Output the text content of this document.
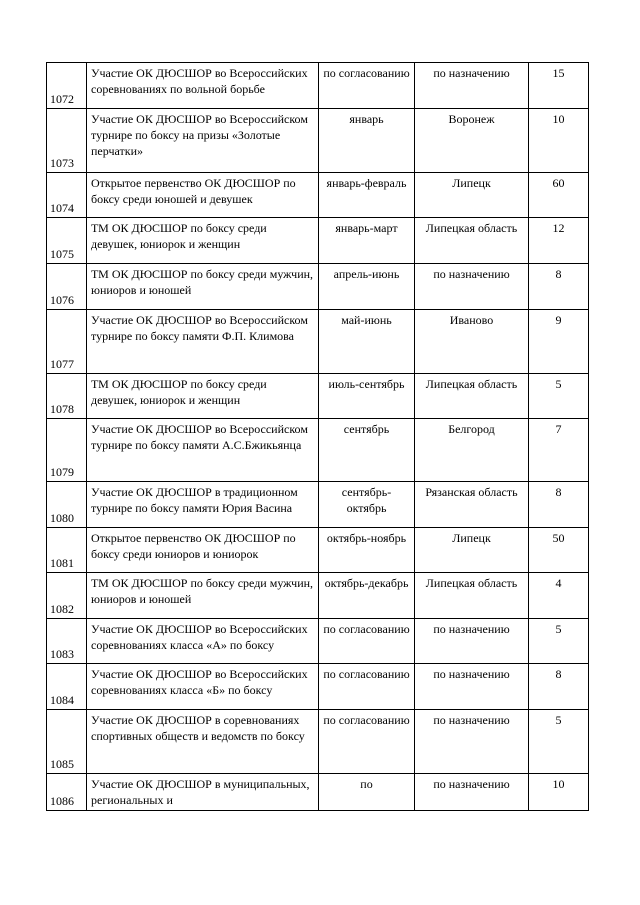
1072	Участие ОК ДЮСШОР во Всероссийских соревнованиях по вольной борьбе	по согласованию	по назначению	15
1073	Участие ОК ДЮСШОР во Всероссийском турнире по боксу на призы «Золотые перчатки»	январь	Воронеж	10
1074	Открытое первенство ОК ДЮСШОР по боксу среди юношей и девушек	январь-февраль	Липецк	60
1075	ТМ ОК ДЮСШОР по боксу среди девушек, юниорок и женщин	январь-март	Липецкая область	12
1076	ТМ ОК ДЮСШОР по боксу среди мужчин, юниоров и юношей	апрель-июнь	по назначению	8
1077	Участие ОК ДЮСШОР во Всероссийском турнире по боксу памяти Ф.П. Климова	май-июнь	Иваново	9
1078	ТМ ОК ДЮСШОР по боксу среди девушек, юниорок и женщин	июль-сентябрь	Липецкая область	5
1079	Участие ОК ДЮСШОР во Всероссийском турнире по боксу памяти А.С.Бжикьянца	сентябрь	Белгород	7
1080	Участие ОК ДЮСШОР в традиционном турнире по боксу памяти Юрия Васина	сентябрь-октябрь	Рязанская область	8
1081	Открытое первенство ОК ДЮСШОР по боксу среди юниоров и юниорок	октябрь-ноябрь	Липецк	50
1082	ТМ ОК ДЮСШОР по боксу среди мужчин, юниоров и юношей	октябрь-декабрь	Липецкая область	4
1083	Участие ОК ДЮСШОР во Всероссийских соревнованиях класса «А» по боксу	по согласованию	по назначению	5
1084	Участие ОК ДЮСШОР во Всероссийских соревнованиях класса «Б» по боксу	по согласованию	по назначению	8
1085	Участие ОК ДЮСШОР в соревнованиях спортивных обществ и ведомств по боксу	по согласованию	по назначению	5
1086	Участие ОК ДЮСШОР в муниципальных, региональных и	по	по назначению	10
